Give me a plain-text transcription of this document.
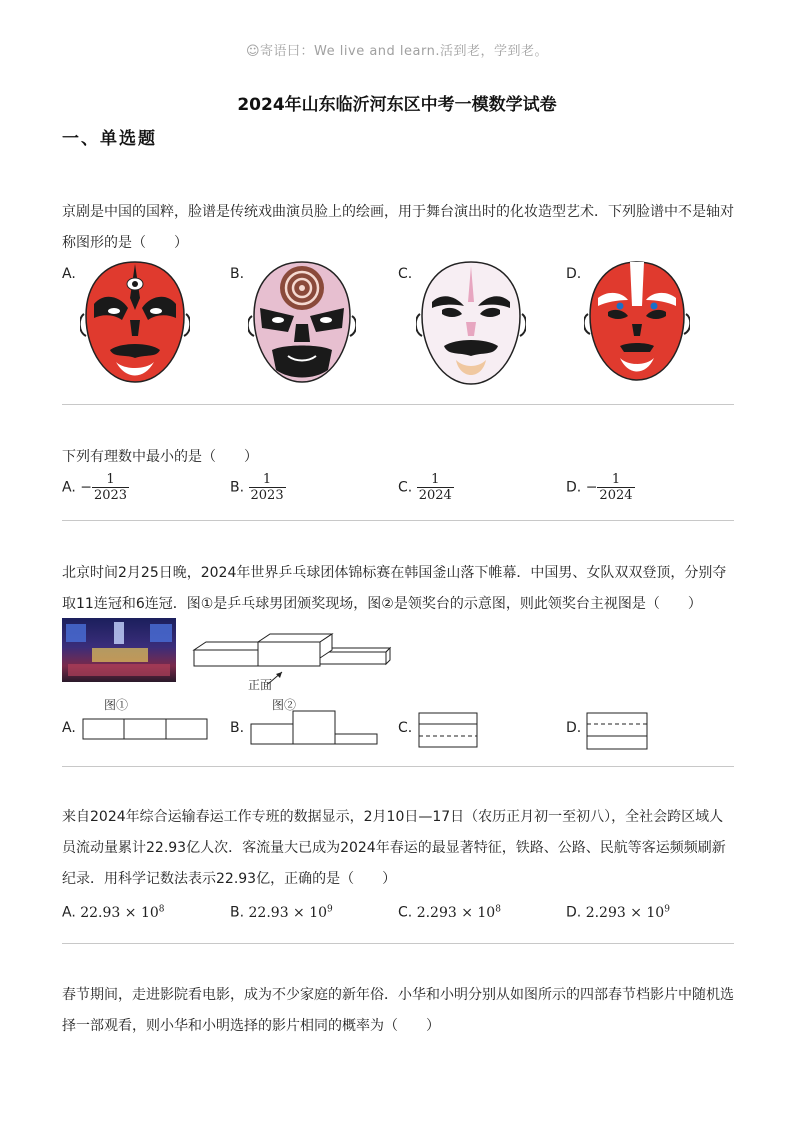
☺寄语曰：We live and learn.活到老，学到老。
2024年山东临沂河东区中考一模数学试卷
一、单选题
京剧是中国的国粹，脸谱是传统戏曲演员脸上的绘画，用于舞台演出时的化妆造型艺术．下列脸谱中不是轴对称图形的是（　　）
A.	B.	C.	D.
下列有理数中最小的是（　　）
A. − $\frac{1}{2023}$	B. $\frac{1}{2023}$	C. $\frac{1}{2024}$	D. − $\frac{1}{2024}$
北京时间2月25日晚，2024年世界乒乓球团体锦标赛在韩国釜山落下帷幕．中国男、女队双双登顶，分别夺取11连冠和6连冠．图①是乒乓球男团颁奖现场，图②是领奖台的示意图，则此领奖台主视图是（　　）
图①
正面
图②
A.	B.	C.	D.
来自2024年综合运输春运工作专班的数据显示，2月10日—17日（农历正月初一至初八），全社会跨区域人员流动量累计22.93亿人次．客流量大已成为2024年春运的最显著特征，铁路、公路、民航等客运频频刷新纪录．用科学记数法表示22.93亿，正确的是（　　）
A. $22.93 \times 10^8$	B. $22.93 \times 10^9$	C. $2.293 \times 10^8$	D. $2.293 \times 10^9$
春节期间，走进影院看电影，成为不少家庭的新年俗．小华和小明分别从如图所示的四部春节档影片中随机选择一部观看，则小华和小明选择的影片相同的概率为（　　）
